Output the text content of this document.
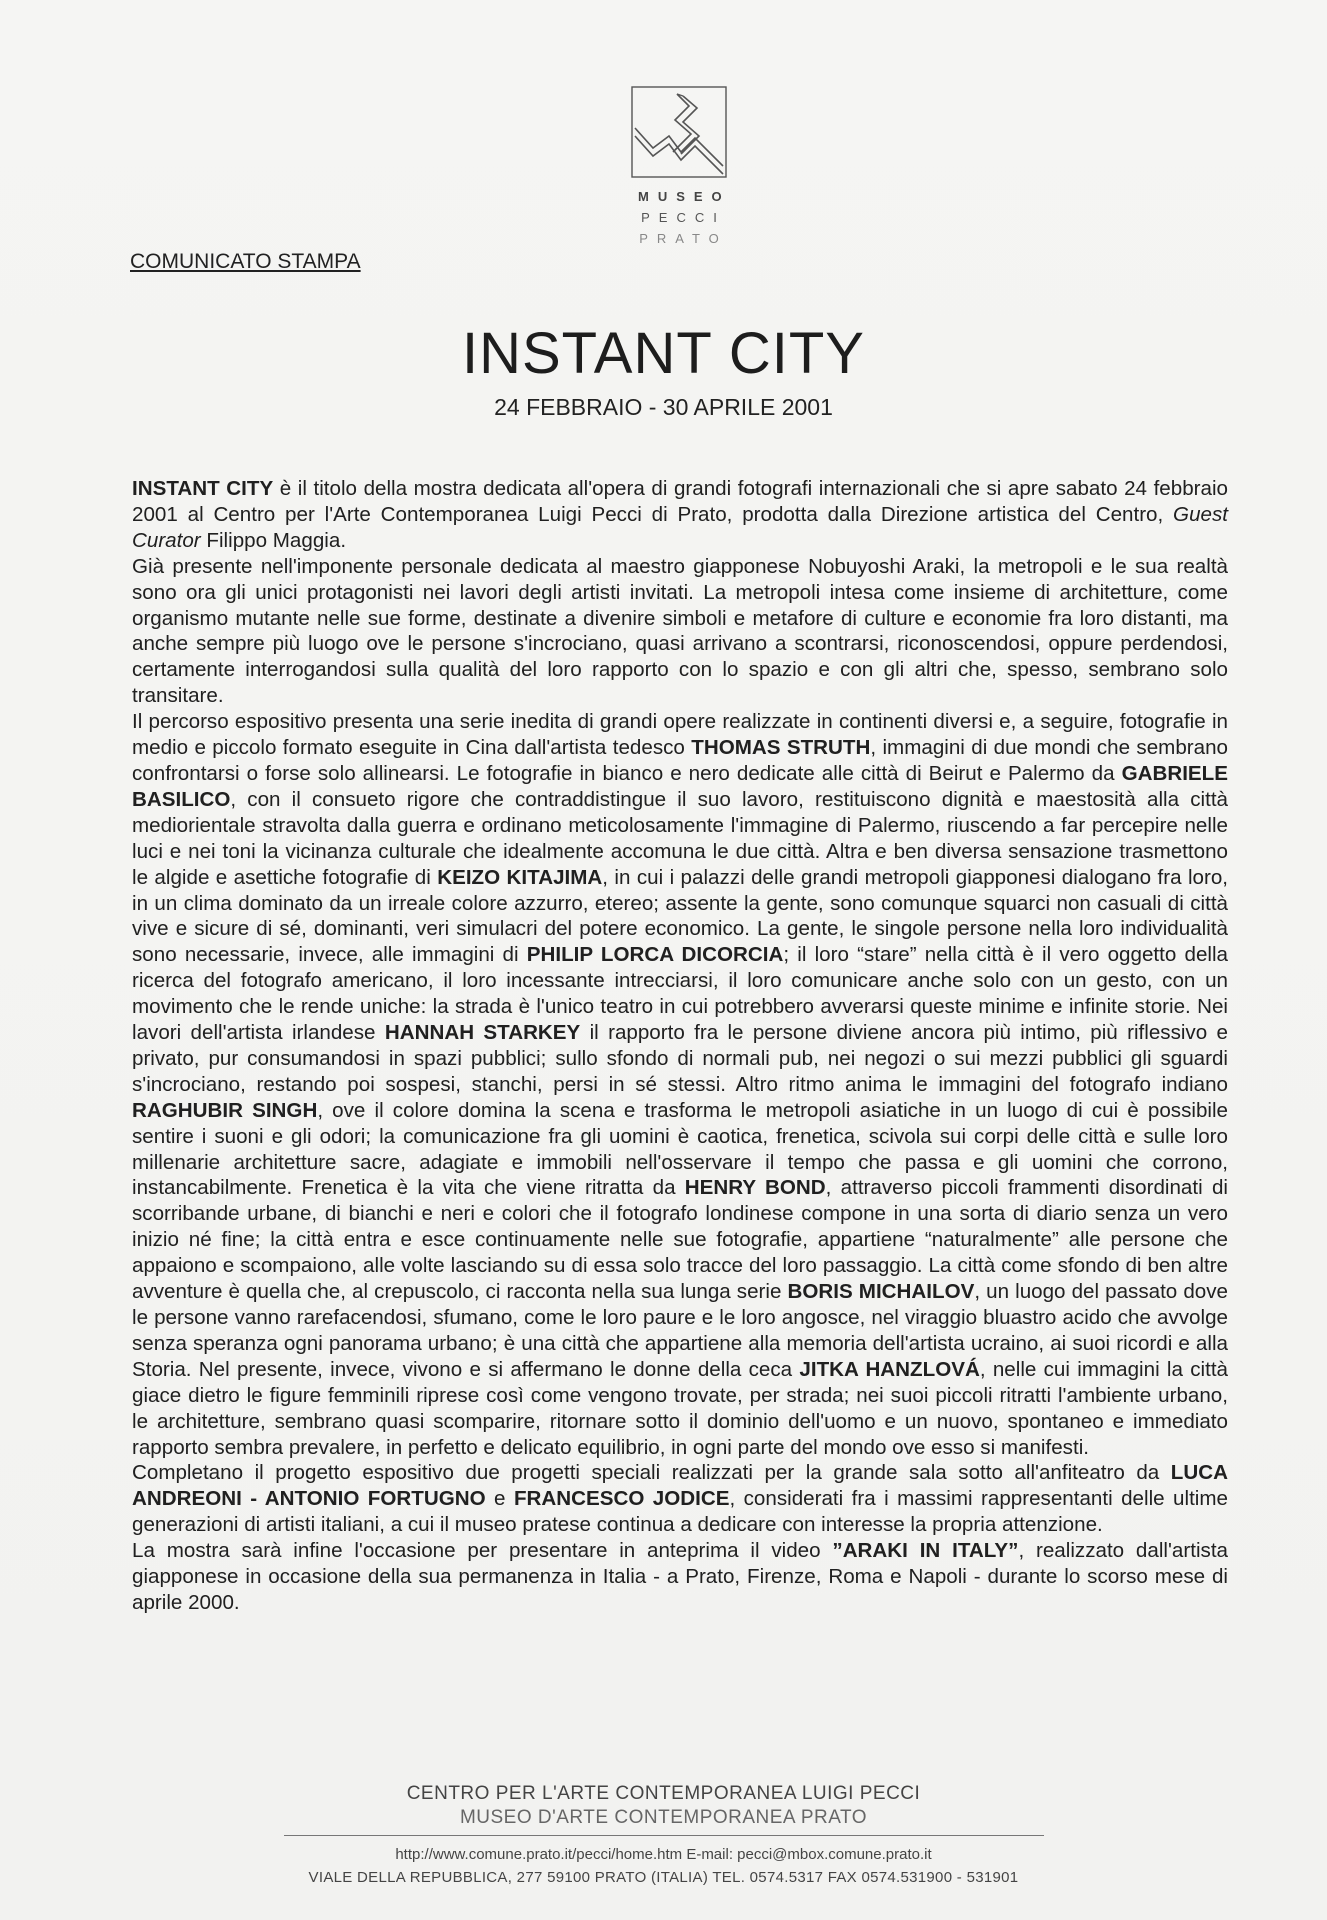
MUSEO
PECCI
PRATO
COMUNICATO STAMPA
INSTANT CITY
24 FEBBRAIO - 30 APRILE 2001

INSTANT CITY è il titolo della mostra dedicata all'opera di grandi fotografi internazionali che si apre sabato 24 febbraio 2001 al Centro per l'Arte Contemporanea Luigi Pecci di Prato, prodotta dalla Direzione artistica del Centro, Guest Curator Filippo Maggia.

Già presente nell'imponente personale dedicata al maestro giapponese Nobuyoshi Araki, la metropoli e le sua realtà sono ora gli unici protagonisti nei lavori degli artisti invitati. La metropoli intesa come insieme di architetture, come organismo mutante nelle sue forme, destinate a divenire simboli e metafore di culture e economie fra loro distanti, ma anche sempre più luogo ove le persone s'incrociano, quasi arrivano a scontrarsi, riconoscendosi, oppure perdendosi, certamente interrogandosi sulla qualità del loro rapporto con lo spazio e con gli altri che, spesso, sembrano solo transitare.

Il percorso espositivo presenta una serie inedita di grandi opere realizzate in continenti diversi e, a seguire, fotografie in medio e piccolo formato eseguite in Cina dall'artista tedesco THOMAS STRUTH, immagini di due mondi che sembrano confrontarsi o forse solo allinearsi. Le fotografie in bianco e nero dedicate alle città di Beirut e Palermo da GABRIELE BASILICO, con il consueto rigore che contraddistingue il suo lavoro, restituiscono dignità e maestosità alla città mediorientale stravolta dalla guerra e ordinano meticolosamente l'immagine di Palermo, riuscendo a far percepire nelle luci e nei toni la vicinanza culturale che idealmente accomuna le due città. Altra e ben diversa sensazione trasmettono le algide e asettiche fotografie di KEIZO KITAJIMA, in cui i palazzi delle grandi metropoli giapponesi dialogano fra loro, in un clima dominato da un irreale colore azzurro, etereo; assente la gente, sono comunque squarci non casuali di città vive e sicure di sé, dominanti, veri simulacri del potere economico. La gente, le singole persone nella loro individualità sono necessarie, invece, alle immagini di PHILIP LORCA DICORCIA; il loro “stare” nella città è il vero oggetto della ricerca del fotografo americano, il loro incessante intrecciarsi, il loro comunicare anche solo con un gesto, con un movimento che le rende uniche: la strada è l'unico teatro in cui potrebbero avverarsi queste minime e infinite storie. Nei lavori dell'artista irlandese HANNAH STARKEY il rapporto fra le persone diviene ancora più intimo, più riflessivo e privato, pur consumandosi in spazi pubblici; sullo sfondo di normali pub, nei negozi o sui mezzi pubblici gli sguardi s'incrociano, restando poi sospesi, stanchi, persi in sé stessi. Altro ritmo anima le immagini del fotografo indiano RAGHUBIR SINGH, ove il colore domina la scena e trasforma le metropoli asiatiche in un luogo di cui è possibile sentire i suoni e gli odori; la comunicazione fra gli uomini è caotica, frenetica, scivola sui corpi delle città e sulle loro millenarie architetture sacre, adagiate e immobili nell'osservare il tempo che passa e gli uomini che corrono, instancabilmente. Frenetica è la vita che viene ritratta da HENRY BOND, attraverso piccoli frammenti disordinati di scorribande urbane, di bianchi e neri e colori che il fotografo londinese compone in una sorta di diario senza un vero inizio né fine; la città entra e esce continuamente nelle sue fotografie, appartiene “naturalmente” alle persone che appaiono e scompaiono, alle volte lasciando su di essa solo tracce del loro passaggio. La città come sfondo di ben altre avventure è quella che, al crepuscolo, ci racconta nella sua lunga serie BORIS MICHAILOV, un luogo del passato dove le persone vanno rarefacendosi, sfumano, come le loro paure e le loro angosce, nel viraggio bluastro acido che avvolge senza speranza ogni panorama urbano; è una città che appartiene alla memoria dell'artista ucraino, ai suoi ricordi e alla Storia. Nel presente, invece, vivono e si affermano le donne della ceca JITKA HANZLOVÁ, nelle cui immagini la città giace dietro le figure femminili riprese così come vengono trovate, per strada; nei suoi piccoli ritratti l'ambiente urbano, le architetture, sembrano quasi scomparire, ritornare sotto il dominio dell'uomo e un nuovo, spontaneo e immediato rapporto sembra prevalere, in perfetto e delicato equilibrio, in ogni parte del mondo ove esso si manifesti.

Completano il progetto espositivo due progetti speciali realizzati per la grande sala sotto all'anfiteatro da LUCA ANDREONI - ANTONIO FORTUGNO e FRANCESCO JODICE, considerati fra i massimi rappresentanti delle ultime generazioni di artisti italiani, a cui il museo pratese continua a dedicare con interesse la propria attenzione.

La mostra sarà infine l'occasione per presentare in anteprima il video ”ARAKI IN ITALY”, realizzato dall'artista giapponese in occasione della sua permanenza in Italia - a Prato, Firenze, Roma e Napoli - durante lo scorso mese di aprile 2000.

CENTRO PER L'ARTE CONTEMPORANEA LUIGI PECCI
MUSEO D'ARTE CONTEMPORANEA PRATO
http://www.comune.prato.it/pecci/home.htm E-mail: pecci@mbox.comune.prato.it
VIALE DELLA REPUBBLICA, 277 59100 PRATO (ITALIA) TEL. 0574.5317 FAX 0574.531900 - 531901
